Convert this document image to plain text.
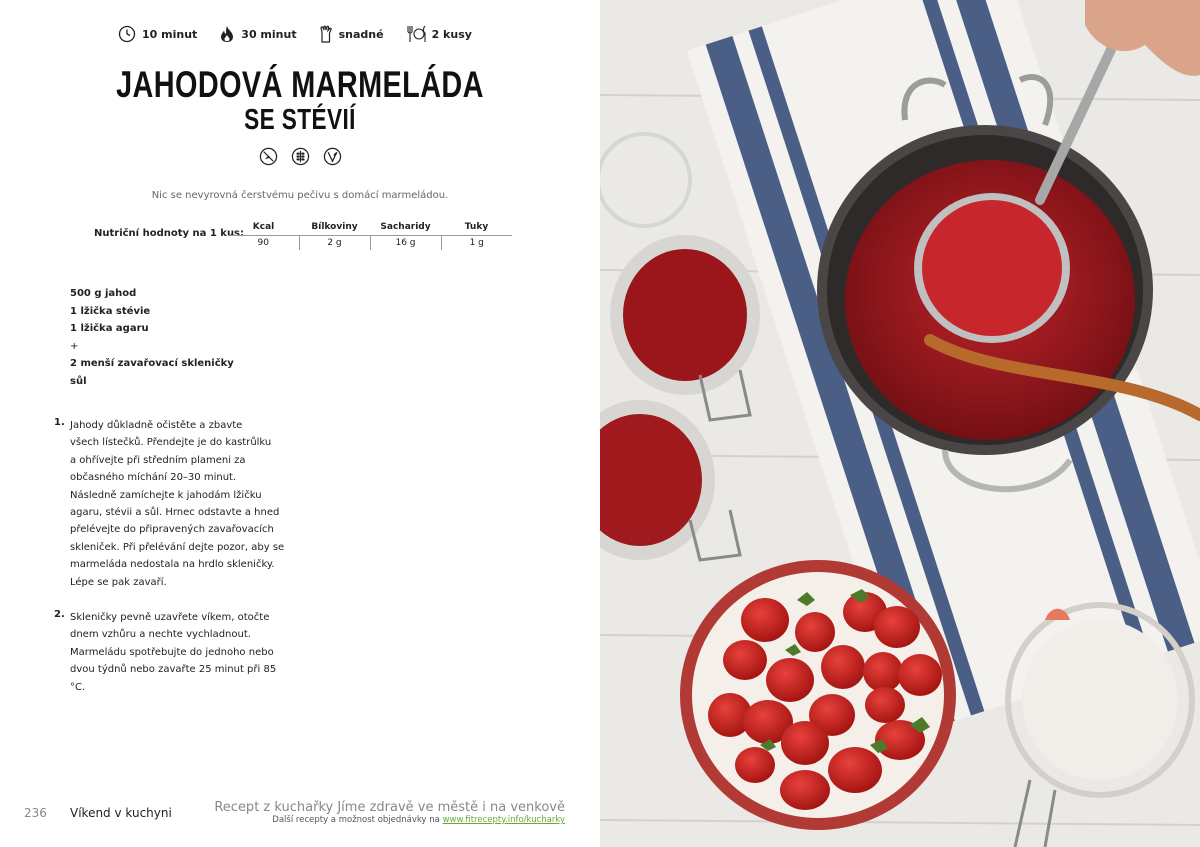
10 minut	30 minut	snadné	2 kusy
JAHODOVÁ MARMELÁDA
SE STÉVIÍ

Nic se nevyrovná čerstvému pečivu s domácí marmeládou.

Nutriční hodnoty na 1 kus:
Kcal	Bílkoviny	Sacharidy	Tuky
90	2 g	16 g	1 g
500 g jahod
1 lžička stévie
1 lžička agaru
+
2 menší zavařovací skleničky
sůl
1. Jahody důkladně očistěte a zbavte
všech lístečků. Přendejte je do kastrůlku
a ohřívejte při středním plameni za
občasného míchání 20–30 minut.
Následně zamíchejte k jahodám lžičku
agaru, stévii a sůl. Hrnec odstavte a hned
přelévejte do připravených zavařovacích
skleniček. Při přelévání dejte pozor, aby se
marmeláda nedostala na hrdlo skleničky.
Lépe se pak zavaří.
2. Skleničky pevně uzavřete víkem, otočte
dnem vzhůru a nechte vychladnout.
Marmeládu spotřebujte do jednoho nebo
dvou týdnů nebo zavařte 25 minut při 85 °C.
236 Víkend v kuchyni	Recept z kuchařky Jíme zdravě ve městě i na venkově
Další recepty a možnost objednávky na www.fitrecepty.info/kucharky
